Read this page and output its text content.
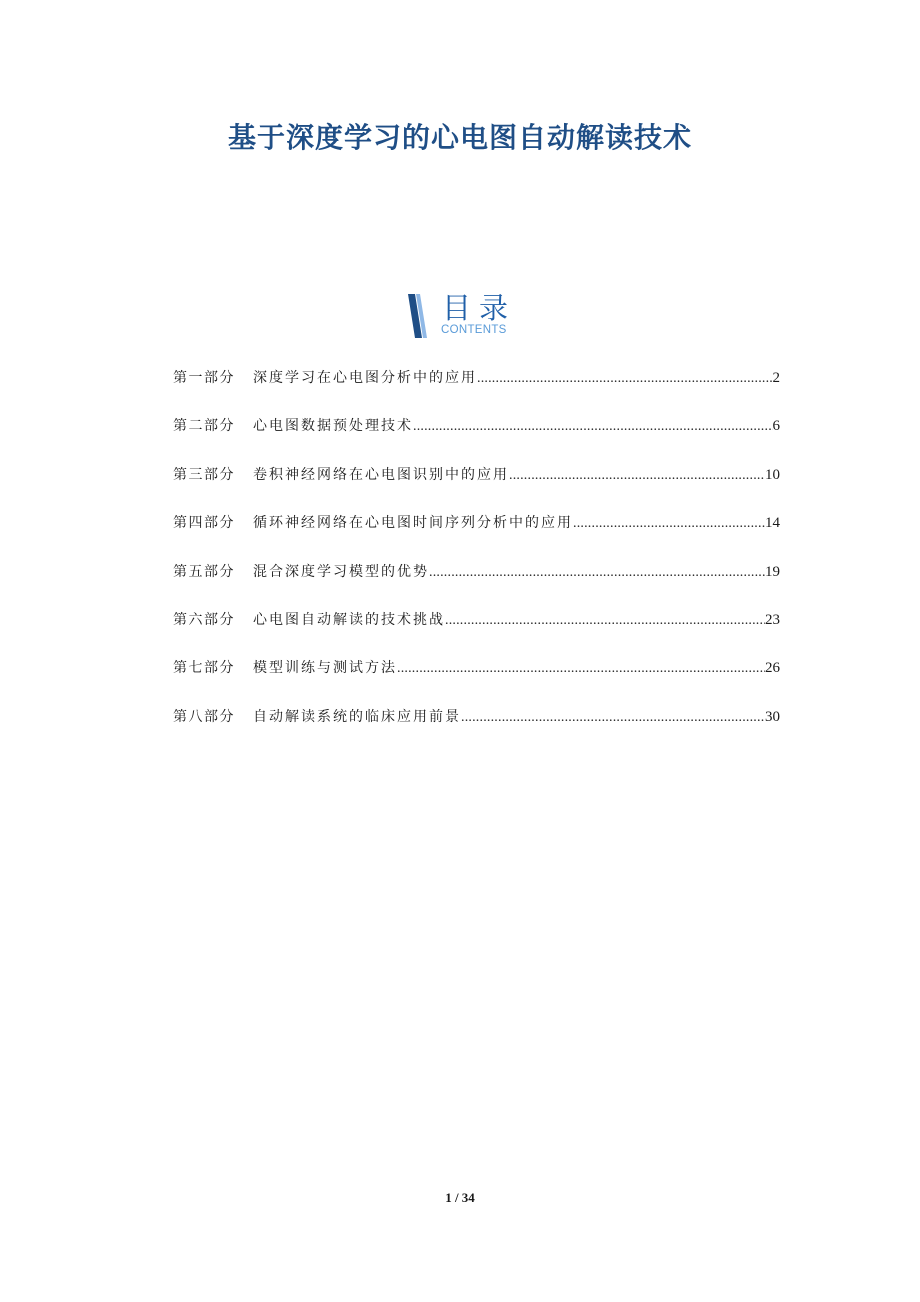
基于深度学习的心电图自动解读技术
目录
CONTENTS
第一部分	深度学习在心电图分析中的应用 .....	2
第二部分	心电图数据预处理技术 .....	6
第三部分	卷积神经网络在心电图识别中的应用 .....	10
第四部分	循环神经网络在心电图时间序列分析中的应用 .....	14
第五部分	混合深度学习模型的优势 .....	19
第六部分	心电图自动解读的技术挑战 .....	23
第七部分	模型训练与测试方法 .....	26
第八部分	自动解读系统的临床应用前景 .....	30
1 / 34
